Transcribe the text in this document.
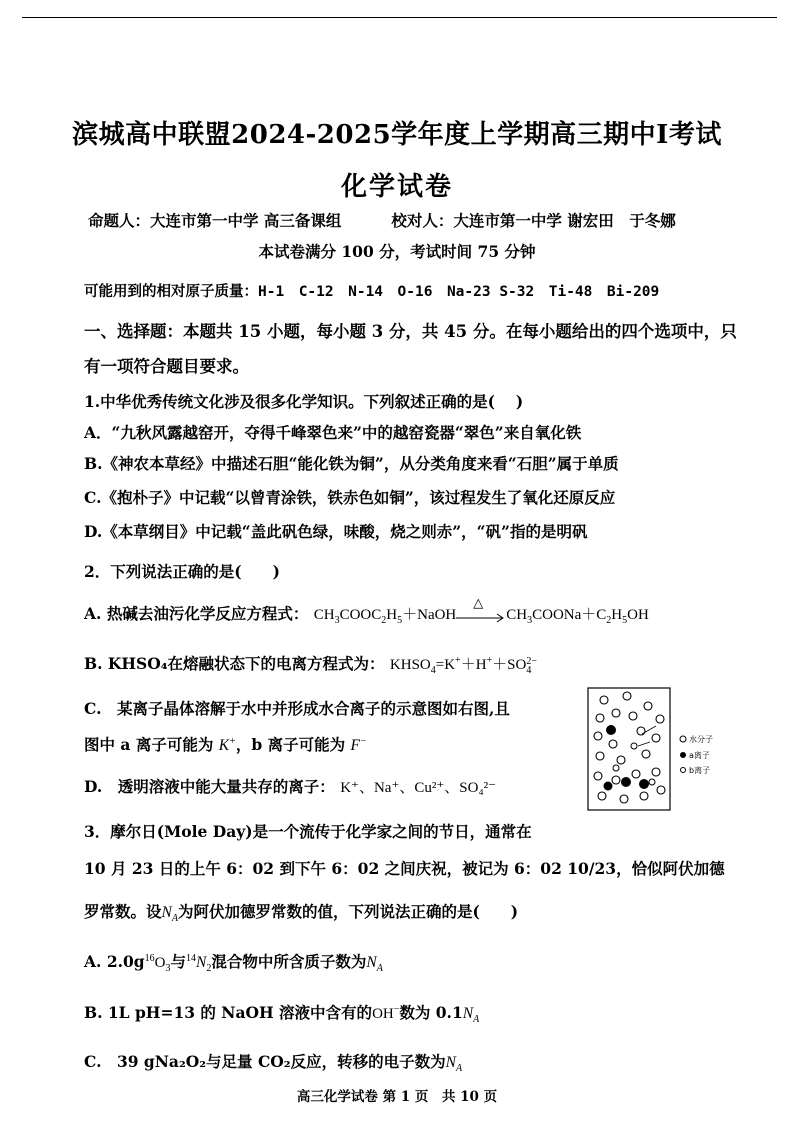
滨城高中联盟2024-2025学年度上学期高三期中Ⅰ考试
化学试卷
命题人：大连市第一中学 高三备课组	校对人：大连市第一中学 谢宏田　于冬娜
本试卷满分 100 分，考试时间 75 分钟
可能用到的相对原子质量：H-1　C-12　N-14　O-16　Na-23 S-32　Ti-48　Bi-209
一、选择题：本题共 15 小题，每小题 3 分，共 45 分。在每小题给出的四个选项中，只
有一项符合题目要求。
1.中华优秀传统文化涉及很多化学知识。下列叙述正确的是(　 )
A．“九秋风露越窑开，夺得千峰翠色来”中的越窑瓷器“翠色”来自氧化铁
B.《神农本草经》中描述石胆“能化铁为铜”，从分类角度来看“石胆”属于单质
C.《抱朴子》中记载“以曾青涂铁，铁赤色如铜”，该过程发生了氧化还原反应
D.《本草纲目》中记载“盖此矾色绿，味酸，烧之则赤”，“矾”指的是明矾
2．下列说法正确的是(　　)
A. 热碱去油污化学反应方程式： $CH_3COOC_2H_5+NaOH$
△
$CH_3COONa+C_2H_5OH$
B. KHSO₄在熔融状态下的电离方程式为： $KHSO_4=K^++H^++SO$ 2−
4
C.　某离子晶体溶解于水中并形成水合离子的示意图如右图,且
图中 a 离子可能为 K+，b 离子可能为 F−
D.　透明溶液中能大量共存的离子： K⁺、Na⁺、Cu²⁺、SO₄²⁻
水分子
a离子
b离子
3．摩尔日(Mole Day)是一个流传于化学家之间的节日，通常在
10 月 23 日的上午 6：02 到下午 6：02 之间庆祝，被记为 6：02 10/23，恰似阿伏加德
罗常数。设$N_A$为阿伏加德罗常数的值，下列说法正确的是(　　)
A. $2.0g^{16}O_3$与$^{14}N_2$混合物中所含质子数为$N_A$
B. 1L pH=13 的 NaOH 溶液中含有的OH−数为 $0.1N_A$
C.　39 gNa₂O₂与足量 CO₂反应，转移的电子数为$N_A$
高三化学试卷 第 1 页　共 10 页
